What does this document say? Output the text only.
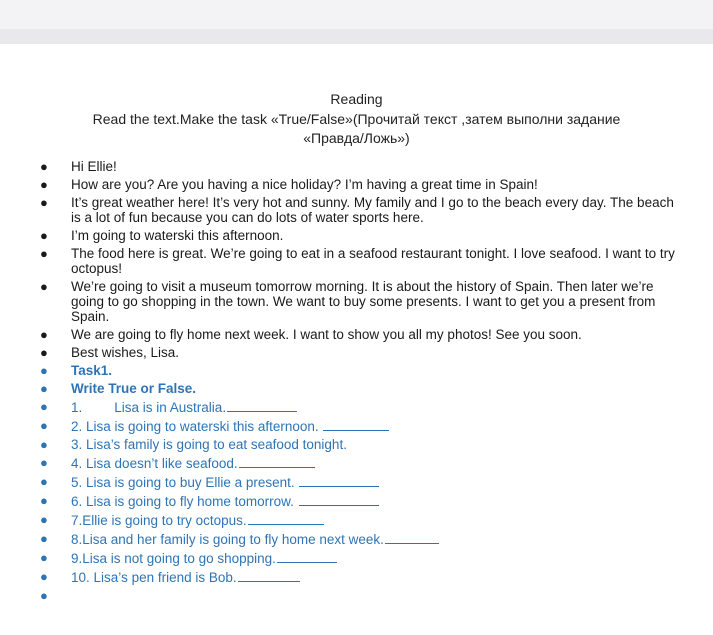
Reading
Read the text.Make the task «True/False»(Прочитай текст ,затем выполни задание
«Правда/Ложь»)
● Hi Ellie!
● How are you? Are you having a nice holiday? I’m having a great time in Spain!
● It’s great weather here! It’s very hot and sunny. My family and I go to the beach every day. The beach is a lot of fun because you can do lots of water sports here.
● I’m going to waterski this afternoon.
● The food here is great. We’re going to eat in a seafood restaurant tonight. I love seafood. I want to try octopus!
● We’re going to visit a museum tomorrow morning. It is about the history of Spain. Then later we’re going to go shopping in the town. We want to buy some presents. I want to get you a present from Spain.
● We are going to fly home next week. I want to show you all my photos! See you soon.
● Best wishes, Lisa.
● Task1.
● Write True or False.
● 1. Lisa is in Australia.
● 2. Lisa is going to waterski this afternoon.
● 3. Lisa’s family is going to eat seafood tonight.
● 4. Lisa doesn’t like seafood.
● 5. Lisa is going to buy Ellie a present.
● 6. Lisa is going to fly home tomorrow.
● 7.Ellie is going to try octopus.
● 8.Lisa and her family is going to fly home next week.
● 9.Lisa is not going to go shopping.
● 10. Lisa’s pen friend is Bob.
●
